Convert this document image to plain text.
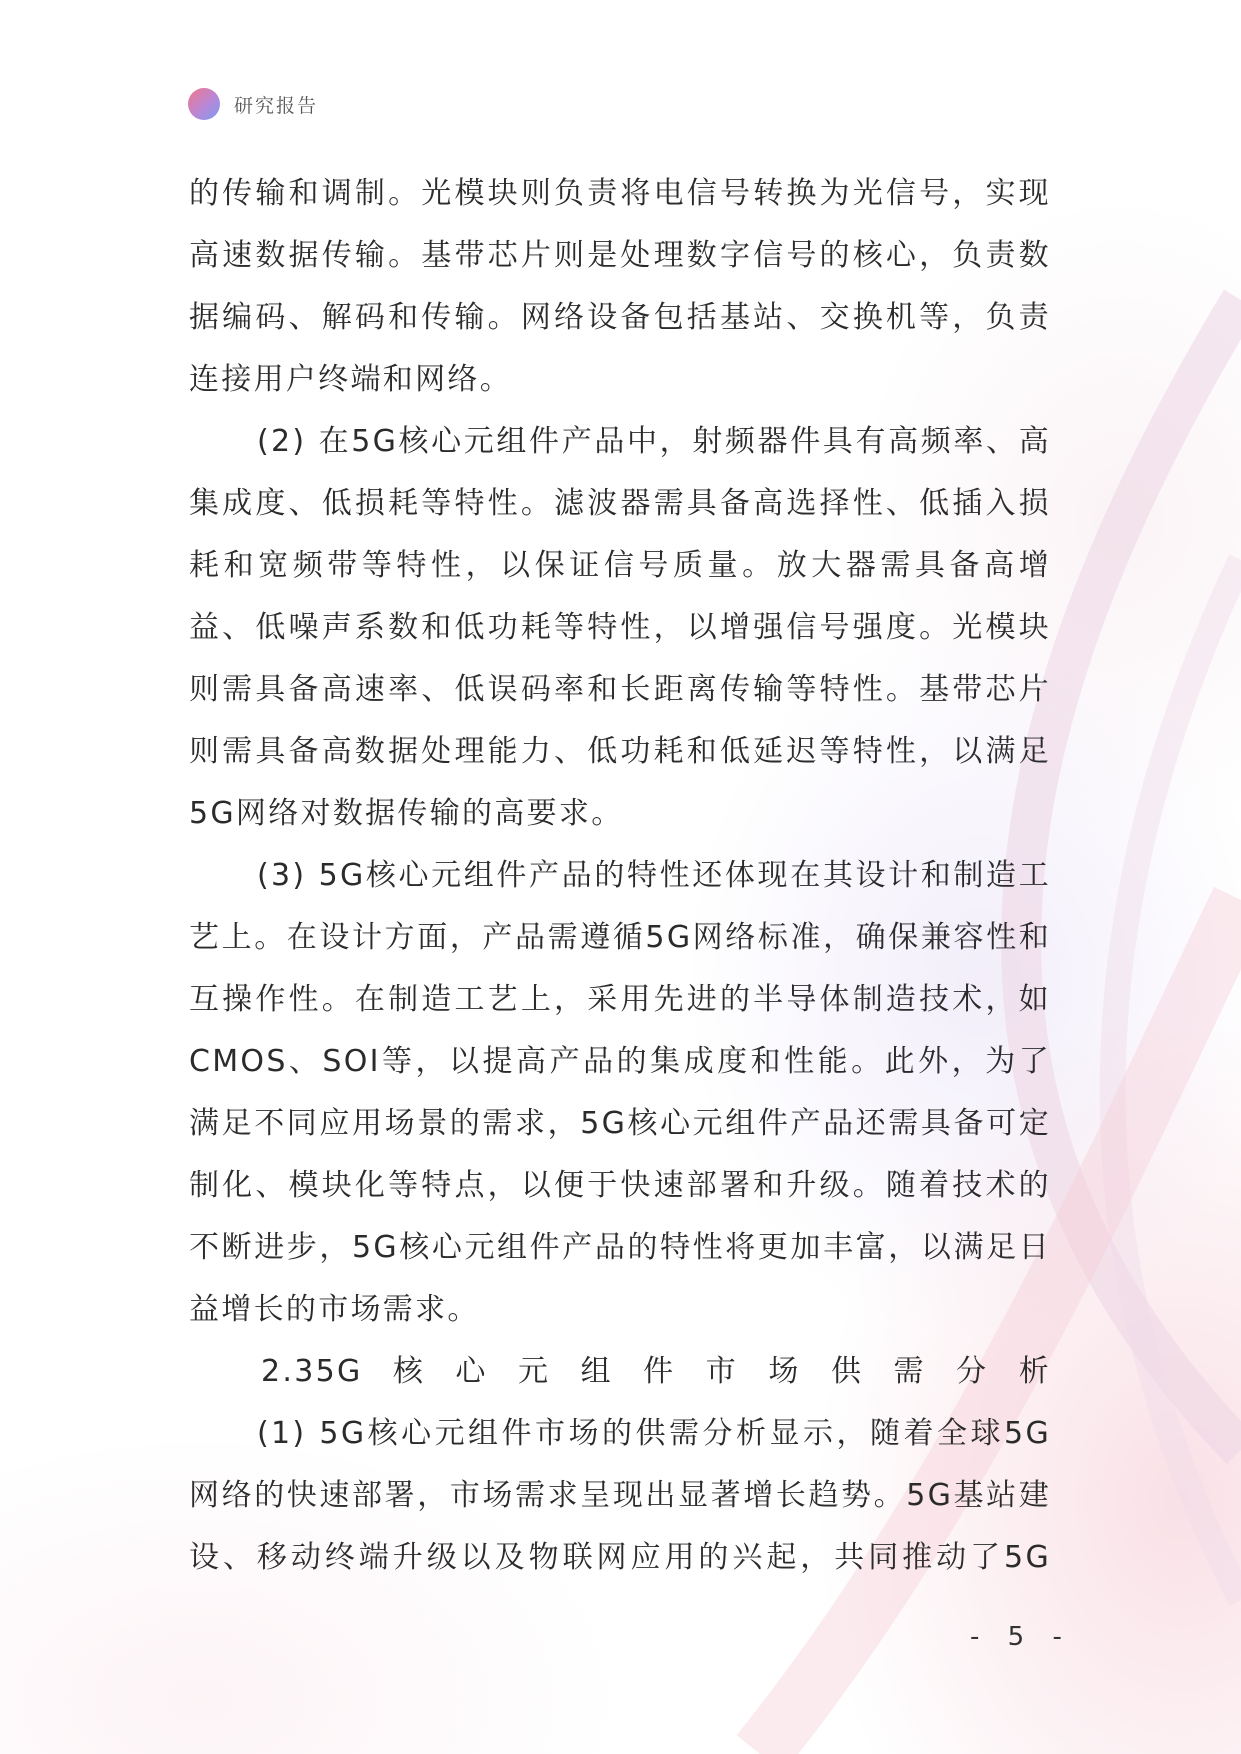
研究报告

的传输和调制。光模块则负责将电信号转换为光信号，实现高速数据传输。基带芯片则是处理数字信号的核心，负责数据编码、解码和传输。网络设备包括基站、交换机等，负责连接用户终端和网络。

(2) 在5G核心元组件产品中，射频器件具有高频率、高集成度、低损耗等特性。滤波器需具备高选择性、低插入损耗和宽频带等特性，以保证信号质量。放大器需具备高增益、低噪声系数和低功耗等特性，以增强信号强度。光模块则需具备高速率、低误码率和长距离传输等特性。基带芯片则需具备高数据处理能力、低功耗和低延迟等特性，以满足5G网络对数据传输的高要求。

(3) 5G核心元组件产品的特性还体现在其设计和制造工艺上。在设计方面，产品需遵循5G网络标准，确保兼容性和互操作性。在制造工艺上，采用先进的半导体制造技术，如CMOS、SOI等，以提高产品的集成度和性能。此外，为了满足不同应用场景的需求，5G核心元组件产品还需具备可定制化、模块化等特点，以便于快速部署和升级。随着技术的不断进步，5G核心元组件产品的特性将更加丰富，以满足日益增长的市场需求。

2.35G核心元组件市场供需分析

(1) 5G核心元组件市场的供需分析显示，随着全球5G网络的快速部署，市场需求呈现出显著增长趋势。5G基站建设、移动终端升级以及物联网应用的兴起，共同推动了5G

- 5 -
